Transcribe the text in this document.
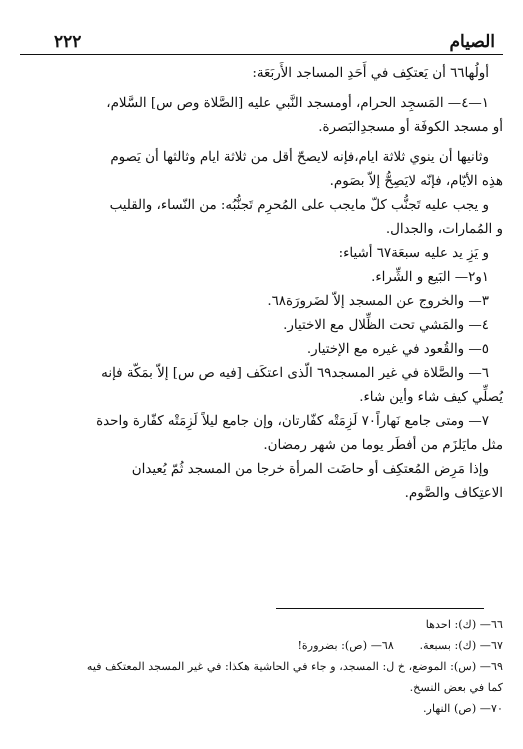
الصيام
٢٢٢

أولُها٦٦ أن يَعتكِف في أَحَدِ المساجد الأَربَعَة:

١—٤— المَسجِد الحرام، أومسجد النَّبي عليه [الصَّلاة وص س] السَّلام،

أو مسجد الكوفَة أو مسجدِالبَصرة.

وثانيها أن ينوي ثلاثة ايام،فإنه لايصحّ أقل من ثلاثة ايام وثالثها أن يَصوم

هذِه الأيّام، فإنّه لايَصِحُّ إلاّ بصَوم.

و يجب عليه تَجنُّب كلّ مايجب على المُحرِم تَجنُّبُه: من النّساء، والقليب

و المُمارات، والجدال.

و يَزِ يد عليه سبعَة٦٧ أشياء:

١و٢— البَيع و الشِّراء.

٣— والخروج عن المسجد إلاّ لضَرورَة٦٨.

٤— والمَشي تحت الظِّلال مع الاختيار.

٥— والقُعود في غيره مع الإختيار.

٦— والصَّلاة في غير المسجد٦٩ الّذى اعتكَف [فيه ص س] إلاّ بمَكّة فإنه

يُصلِّي كيف شاء وأين شاء.

٧— ومتى جامع نَهاراً٧٠ لَزِمَتْه كفّارتان، وإن جامع ليلاً لَزِمَتْه كفّارة واحدة

مثل مايَلزَم من أفطَر يوما من شهر رمضان.

وإذا مَرِض المُعتكِف أو حاضَت المرأة خرجا من المسجد ثُمّ يُعيدان

الاعتِكاف والصَّوم.

٦٦— (ك): احدها

٦٧— (ك): بسبعة. ٦٨— (ص): بضرورة!

٦٩— (س): الموضع، خ ل: المسجد، و جاء في الحاشية هكذا: في غير المسجد المعتكف فيه

كما في بعض النسخ.

٧٠— (ص) النهار.
